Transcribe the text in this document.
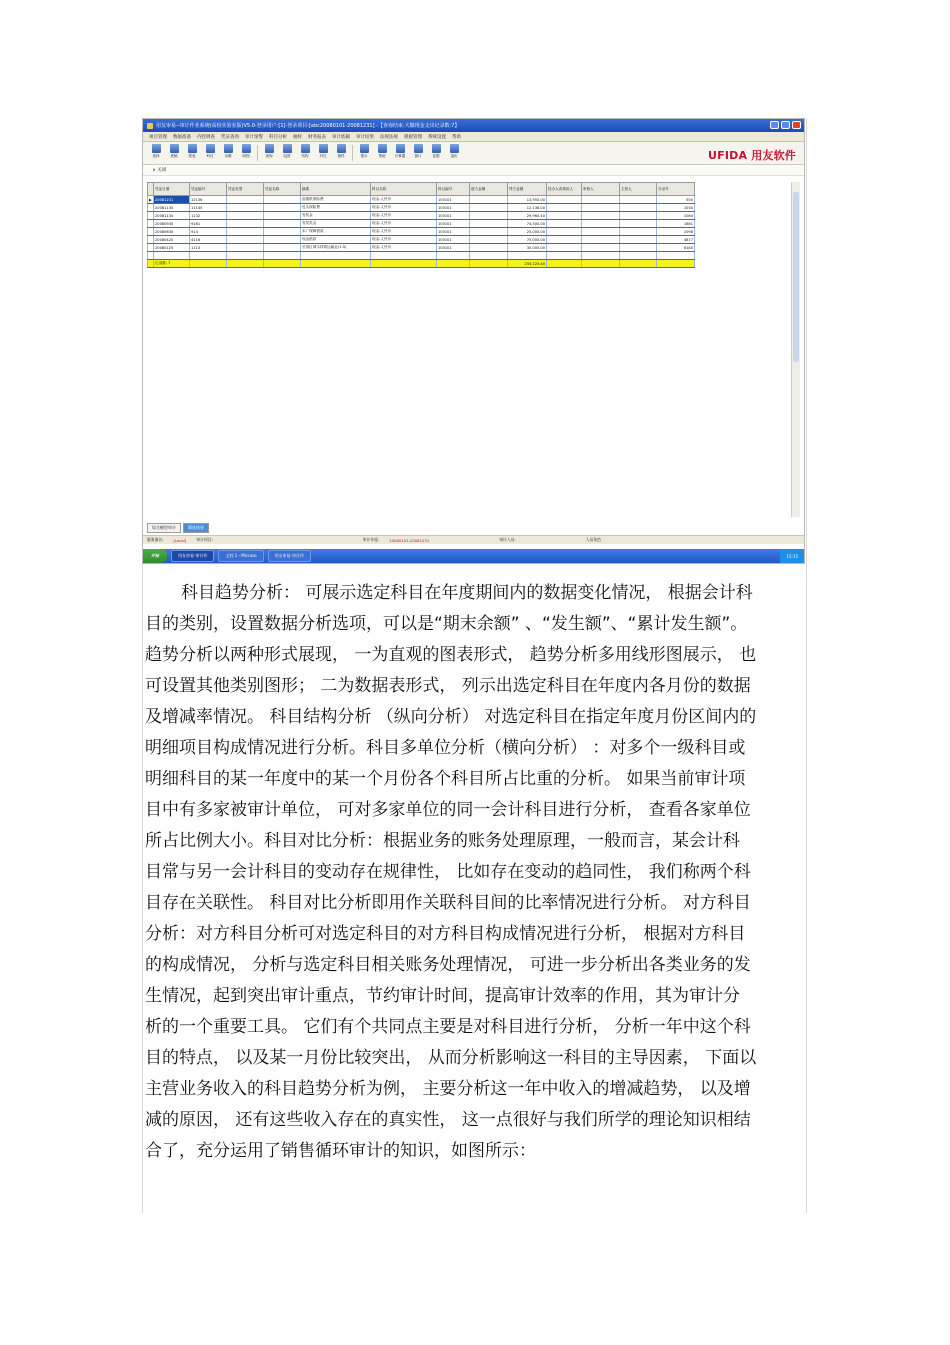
用友审易--审计作业系统(高校实验室版)V5.0-登录用户:[1]-登录项目:[abc20080101-20081231] -【查询结束:大额现金支出记录数:7】
项目管理 数据准备 内控调查 凭证查询 审计预警 科目分析 抽样 财务报表 审计底稿 审计结果 法规法规 模板管理 系统设置 帮助
选择	底稿	报表	科目	余额	明细	查询	趋势	结构	对比	抽样	提示	帮助	计算器	窗口	证据	退出	UFIDA 用友软件
⏵ 关闭
	凭证日期	凭证编号	凭证类型	凭证名称	摘要	科目名称	科目编号	借方金额	贷方金额	经办人或领用人	审核人	主管人	分录号
▶	20081231	12136			起重机保险费	现金-人民币	100101		13,950.00				500
	20081130	11145			包头保险费	现金-人民币	100101		12,136.00				1030
	20081130	1132			发奖金	现金-人民币	100101		29,960.40				1084
	20080930	9161			发奖奖金	现金-人民币	100101		74,500.00				1681
	20080630	914			本厂保障借款	现金-人民币	100101		25,000.00				2098
	20080420	4116			现金借款	现金-人民币	100101		75,000.00				4877
	20080125	1113			长春红城木材筑运输业(1.5)	现金-人民币	100101		30,000.00				6180

	记录数: 7								250,125.40				
综合模型审计	筛选结果
服务器名:	[Local]	审计项目:	审计年度:	20080101-20081231	审计人员:	人员角色
开始	用友审易-审计作	文档 1 - Microso	用友审易-审计作	15:15

科目趋势分析： 可展示选定科目在年度期间内的数据变化情况， 根据会计科

目的类别，设置数据分析选项，可以是“期末余额” 、“发生额”、“累计发生额”。

趋势分析以两种形式展现， 一为直观的图表形式， 趋势分析多用线形图展示， 也

可设置其他类别图形； 二为数据表形式， 列示出选定科目在年度内各月份的数据

及增减率情况。 科目结构分析 （纵向分析） 对选定科目在指定年度月份区间内的

明细项目构成情况进行分析。科目多单位分析（横向分析） ：对多个一级科目或

明细科目的某一年度中的某一个月份各个科目所占比重的分析。 如果当前审计项

目中有多家被审计单位， 可对多家单位的同一会计科目进行分析， 查看各家单位

所占比例大小。科目对比分析：根据业务的账务处理原理，一般而言，某会计科

目常与另一会计科目的变动存在规律性， 比如存在变动的趋同性， 我们称两个科

目存在关联性。 科目对比分析即用作关联科目间的比率情况进行分析。 对方科目

分析：对方科目分析可对选定科目的对方科目构成情况进行分析， 根据对方科目

的构成情况， 分析与选定科目相关账务处理情况， 可进一步分析出各类业务的发

生情况，起到突出审计重点，节约审计时间，提高审计效率的作用，其为审计分

析的一个重要工具。 它们有个共同点主要是对科目进行分析， 分析一年中这个科

目的特点， 以及某一月份比较突出， 从而分析影响这一科目的主导因素， 下面以

主营业务收入的科目趋势分析为例， 主要分析这一年中收入的增减趋势， 以及增

减的原因， 还有这些收入存在的真实性， 这一点很好与我们所学的理论知识相结

合了，充分运用了销售循环审计的知识，如图所示：
